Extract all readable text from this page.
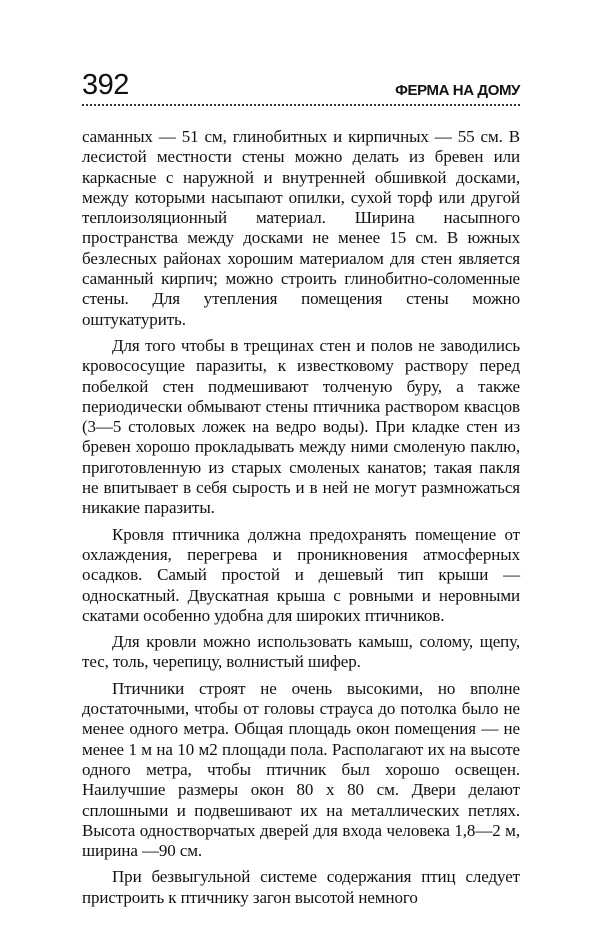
392	ФЕРМА НА ДОМУ

саманных — 51 см, глинобитных и кирпичных — 55 см. В лесистой местности стены можно делать из бревен или каркасные с наружной и внутренней обшивкой досками, между которыми насыпают опилки, сухой торф или другой теплоизоляционный материал. Ширина насыпного пространства между досками не менее 15 см. В южных безлесных районах хорошим материалом для стен является саманный кирпич; можно строить глинобитно-соломенные стены. Для утепления помещения стены можно оштукатурить.

Для того чтобы в трещинах стен и полов не заводились кровососущие паразиты, к известковому раствору перед побелкой стен подмешивают толченую буру, а также периодически обмывают стены птичника раствором квасцов (3—5 столовых ложек на ведро воды). При кладке стен из бревен хорошо прокладывать между ними смоленую паклю, приготовленную из старых смоленых канатов; такая пакля не впитывает в себя сырость и в ней не могут размножаться никакие паразиты.

Кровля птичника должна предохранять помещение от охлаждения, перегрева и проникновения атмосферных осадков. Самый простой и дешевый тип крыши — односкатный. Двускатная крыша с ровными и неровными скатами особенно удобна для широких птичников.

Для кровли можно использовать камыш, солому, щепу, тес, толь, черепицу, волнистый шифер.

Птичники строят не очень высокими, но вполне достаточными, чтобы от головы страуса до потолка было не менее одного метра. Общая площадь окон помещения — не менее 1 м на 10 м2 площади пола. Располагают их на высоте одного метра, чтобы птичник был хорошо освещен. Наилучшие размеры окон 80 х 80 см. Двери делают сплошными и подвешивают их на металлических петлях. Высота одностворчатых дверей для входа человека 1,8—2 м, ширина —90 см.

При безвыгульной системе содержания птиц следует пристроить к птичнику загон высотой немного
